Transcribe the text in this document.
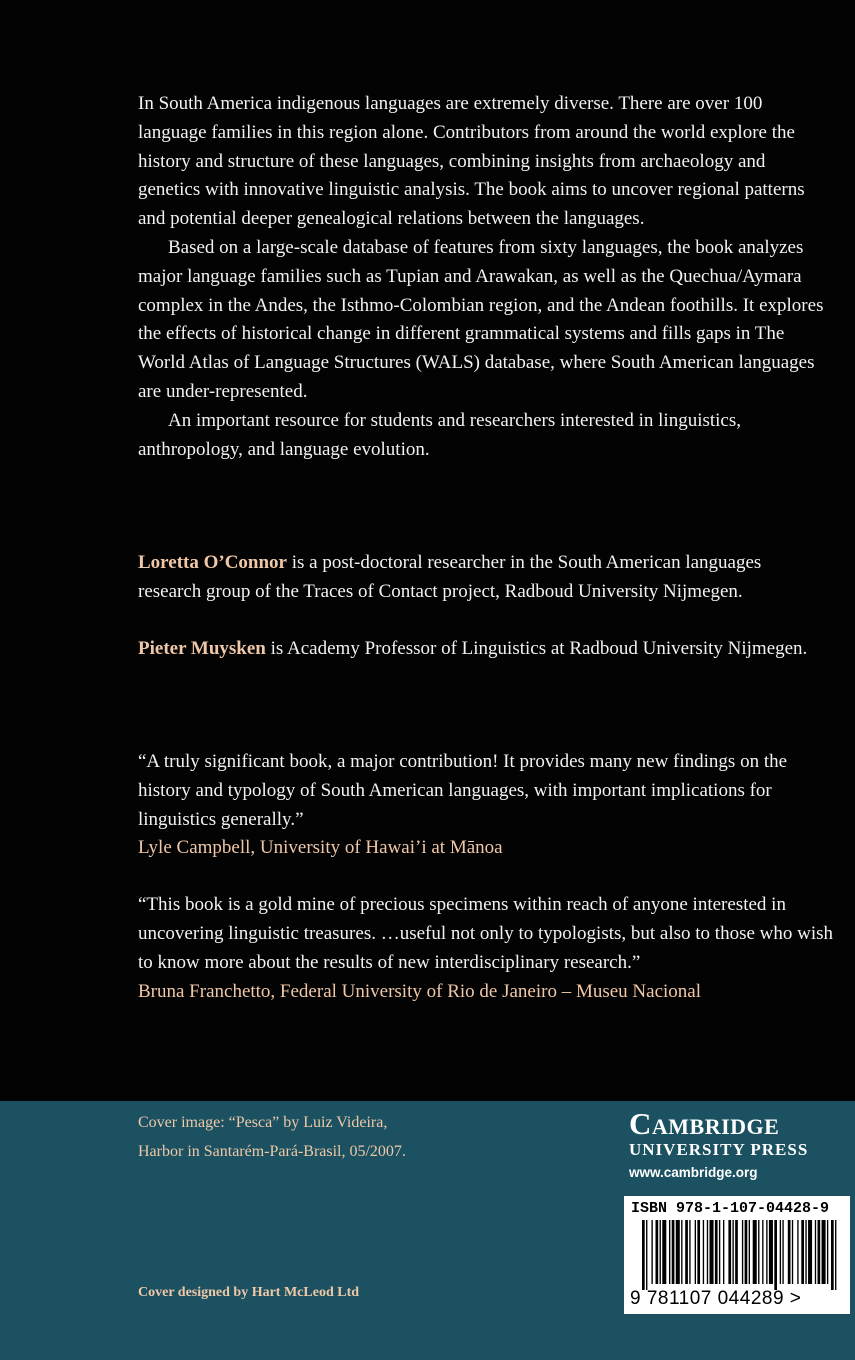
In South America indigenous languages are extremely diverse. There are over 100 language families in this region alone. Contributors from around the world explore the history and structure of these languages, combining insights from archaeology and genetics with innovative linguistic analysis. The book aims to uncover regional patterns and potential deeper genealogical relations between the languages.

Based on a large-scale database of features from sixty languages, the book analyzes major language families such as Tupian and Arawakan, as well as the Quechua/Aymara complex in the Andes, the Isthmo-Colombian region, and the Andean foothills. It explores the effects of historical change in different grammatical systems and fills gaps in The World Atlas of Language Structures (WALS) database, where South American languages are under-represented.

An important resource for students and researchers interested in linguistics, anthropology, and language evolution.

Loretta O’Connor is a post-doctoral researcher in the South American languages research group of the Traces of Contact project, Radboud University Nijmegen.

Pieter Muysken is Academy Professor of Linguistics at Radboud University Nijmegen.

“A truly significant book, a major contribution! It provides many new findings on the history and typology of South American languages, with important implications for linguistics generally.”

Lyle Campbell, University of Hawai’i at Mānoa

“This book is a gold mine of precious specimens within reach of anyone interested in uncovering linguistic treasures. …useful not only to typologists, but also to those who wish to know more about the results of new interdisciplinary research.”

Bruna Franchetto, Federal University of Rio de Janeiro – Museu Nacional

Cover image: “Pesca” by Luiz Videira,
Harbor in Santarém-Pará-Brasil, 05/2007.
Cover designed by Hart McLeod Ltd
Cambridge
UNIVERSITY PRESS
www.cambridge.org
ISBN 978-1-107-04428-9
9 781107 044289 >
